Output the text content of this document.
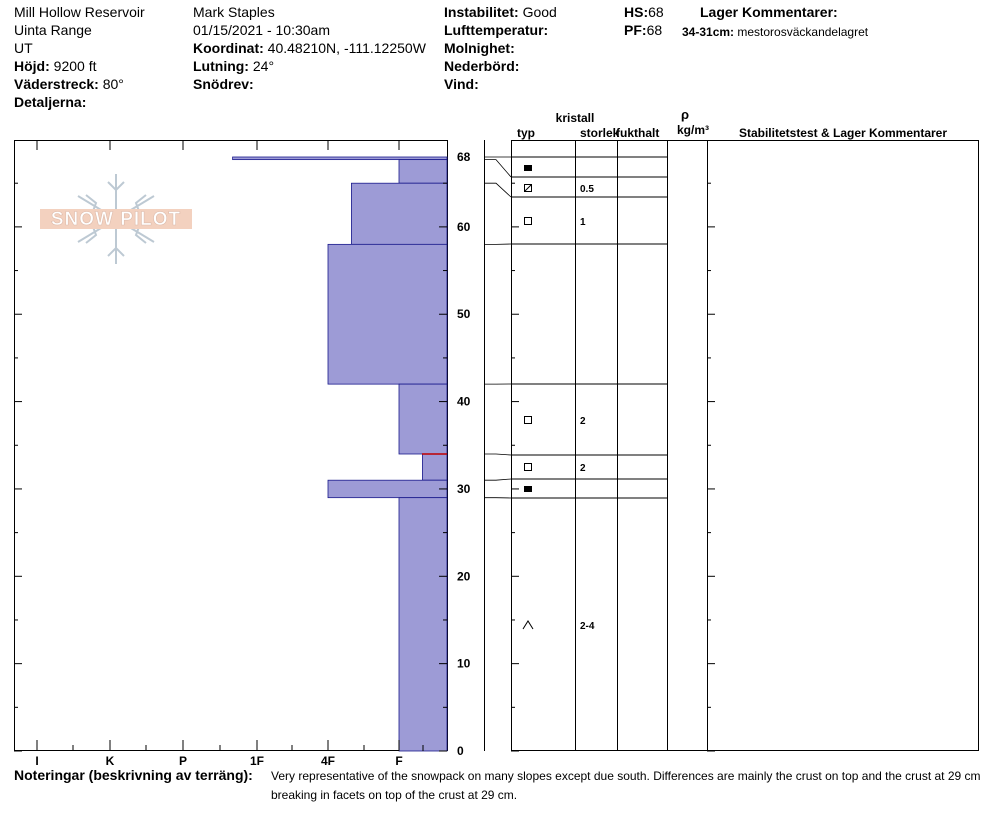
Mill Hollow Reservoir
Uinta Range
UT
Höjd: 9200 ft
Väderstreck: 80°
Detaljerna:
Mark Staples
01/15/2021 - 10:30am
Koordinat: 40.48210N, -111.12250W
Lutning: 24°
Snödrev:
Instabilitet: Good
Lufttemperatur:
Molnighet:
Nederbörd:
Vind:
HS:68
PF:68
Lager Kommentarer:
34-31cm: mestorosväckandelagret
SNOW PILOT
I	K	P	1F	4F	F
0
10
20
30
40
50
60
68
0.5
1
2
2
2-4
kristall
typ	storlek
fukthalt
ρ
kg/m³ Stabilitetstest & Lager Kommentarer
Noteringar (beskrivning av terräng): Very representative of the snowpack on many slopes except due south. Differences are mainly the crust on top and the crust at 29 cm
breaking in facets on top of the crust at 29 cm.
